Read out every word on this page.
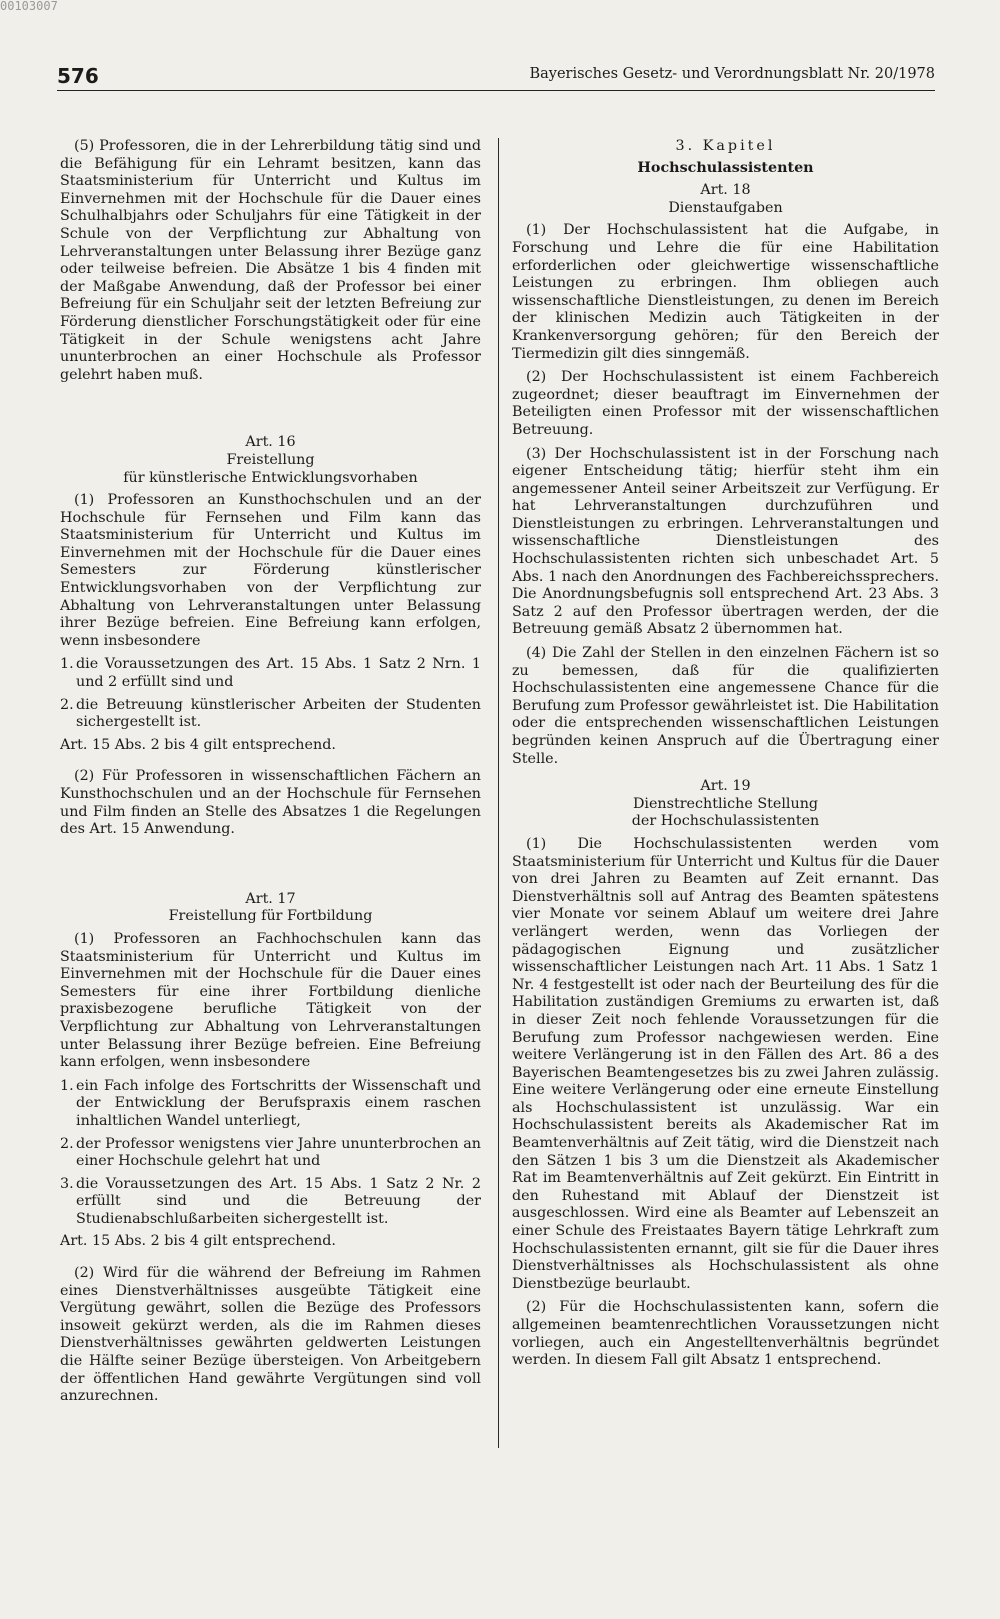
00103007
576	Bayerisches Gesetz- und Verordnungsblatt Nr. 20/1978

(5) Professoren, die in der Lehrerbildung tätig sind und die Befähigung für ein Lehramt besitzen, kann das Staatsministerium für Unterricht und Kultus im Einvernehmen mit der Hochschule für die Dauer eines Schulhalbjahrs oder Schuljahrs für eine Tätigkeit in der Schule von der Verpflichtung zur Abhaltung von Lehrveranstaltungen unter Belassung ihrer Bezüge ganz oder teilweise befreien. Die Absätze 1 bis 4 finden mit der Maßgabe Anwendung, daß der Professor bei einer Befreiung für ein Schuljahr seit der letzten Befreiung zur Förderung dienstlicher Forschungstätigkeit oder für eine Tätigkeit in der Schule wenigstens acht Jahre ununterbrochen an einer Hochschule als Professor gelehrt haben muß.

Art. 16

Freistellung

für künstlerische Entwicklungsvorhaben

(1) Professoren an Kunsthochschulen und an der Hochschule für Fernsehen und Film kann das Staatsministerium für Unterricht und Kultus im Einvernehmen mit der Hochschule für die Dauer eines Semesters zur Förderung künstlerischer Entwicklungsvorhaben von der Verpflichtung zur Abhaltung von Lehrveranstaltungen unter Belassung ihrer Bezüge befreien. Eine Befreiung kann erfolgen, wenn insbesondere

1. die Voraussetzungen des Art. 15 Abs. 1 Satz 2 Nrn. 1 und 2 erfüllt sind und
2. die Betreuung künstlerischer Arbeiten der Studenten sichergestellt ist.

Art. 15 Abs. 2 bis 4 gilt entsprechend.

(2) Für Professoren in wissenschaftlichen Fächern an Kunsthochschulen und an der Hochschule für Fernsehen und Film finden an Stelle des Absatzes 1 die Regelungen des Art. 15 Anwendung.

Art. 17

Freistellung für Fortbildung

(1) Professoren an Fachhochschulen kann das Staatsministerium für Unterricht und Kultus im Einvernehmen mit der Hochschule für die Dauer eines Semesters für eine ihrer Fortbildung dienliche praxisbezogene berufliche Tätigkeit von der Verpflichtung zur Abhaltung von Lehrveranstaltungen unter Belassung ihrer Bezüge befreien. Eine Befreiung kann erfolgen, wenn insbesondere

1. ein Fach infolge des Fortschritts der Wissenschaft und der Entwicklung der Berufspraxis einem raschen inhaltlichen Wandel unterliegt,
2. der Professor wenigstens vier Jahre ununterbrochen an einer Hochschule gelehrt hat und
3. die Voraussetzungen des Art. 15 Abs. 1 Satz 2 Nr. 2 erfüllt sind und die Betreuung der Studienabschlußarbeiten sichergestellt ist.

Art. 15 Abs. 2 bis 4 gilt entsprechend.

(2) Wird für die während der Befreiung im Rahmen eines Dienstverhältnisses ausgeübte Tätigkeit eine Vergütung gewährt, sollen die Bezüge des Professors insoweit gekürzt werden, als die im Rahmen dieses Dienstverhältnisses gewährten geldwerten Leistungen die Hälfte seiner Bezüge übersteigen. Von Arbeitgebern der öffentlichen Hand gewährte Vergütungen sind voll anzurechnen.

3. Kapitel

Hochschulassistenten

Art. 18

Dienstaufgaben

(1) Der Hochschulassistent hat die Aufgabe, in Forschung und Lehre die für eine Habilitation erforderlichen oder gleichwertige wissenschaftliche Leistungen zu erbringen. Ihm obliegen auch wissenschaftliche Dienstleistungen, zu denen im Bereich der klinischen Medizin auch Tätigkeiten in der Krankenversorgung gehören; für den Bereich der Tiermedizin gilt dies sinngemäß.

(2) Der Hochschulassistent ist einem Fachbereich zugeordnet; dieser beauftragt im Einvernehmen der Beteiligten einen Professor mit der wissenschaftlichen Betreuung.

(3) Der Hochschulassistent ist in der Forschung nach eigener Entscheidung tätig; hierfür steht ihm ein angemessener Anteil seiner Arbeitszeit zur Verfügung. Er hat Lehrveranstaltungen durchzuführen und Dienstleistungen zu erbringen. Lehrveranstaltungen und wissenschaftliche Dienstleistungen des Hochschulassistenten richten sich unbeschadet Art. 5 Abs. 1 nach den Anordnungen des Fachbereichssprechers. Die Anordnungsbefugnis soll entsprechend Art. 23 Abs. 3 Satz 2 auf den Professor übertragen werden, der die Betreuung gemäß Absatz 2 übernommen hat.

(4) Die Zahl der Stellen in den einzelnen Fächern ist so zu bemessen, daß für die qualifizierten Hochschulassistenten eine angemessene Chance für die Berufung zum Professor gewährleistet ist. Die Habilitation oder die entsprechenden wissenschaftlichen Leistungen begründen keinen Anspruch auf die Übertragung einer Stelle.

Art. 19

Dienstrechtliche Stellung

der Hochschulassistenten

(1) Die Hochschulassistenten werden vom Staatsministerium für Unterricht und Kultus für die Dauer von drei Jahren zu Beamten auf Zeit ernannt. Das Dienstverhältnis soll auf Antrag des Beamten spätestens vier Monate vor seinem Ablauf um weitere drei Jahre verlängert werden, wenn das Vorliegen der pädagogischen Eignung und zusätzlicher wissenschaftlicher Leistungen nach Art. 11 Abs. 1 Satz 1 Nr. 4 festgestellt ist oder nach der Beurteilung des für die Habilitation zuständigen Gremiums zu erwarten ist, daß in dieser Zeit noch fehlende Voraussetzungen für die Berufung zum Professor nachgewiesen werden. Eine weitere Verlängerung ist in den Fällen des Art. 86 a des Bayerischen Beamtengesetzes bis zu zwei Jahren zulässig. Eine weitere Verlängerung oder eine erneute Einstellung als Hochschulassistent ist unzulässig. War ein Hochschulassistent bereits als Akademischer Rat im Beamtenverhältnis auf Zeit tätig, wird die Dienstzeit nach den Sätzen 1 bis 3 um die Dienstzeit als Akademischer Rat im Beamtenverhältnis auf Zeit gekürzt. Ein Eintritt in den Ruhestand mit Ablauf der Dienstzeit ist ausgeschlossen. Wird eine als Beamter auf Lebenszeit an einer Schule des Freistaates Bayern tätige Lehrkraft zum Hochschulassistenten ernannt, gilt sie für die Dauer ihres Dienstverhältnisses als Hochschulassistent als ohne Dienstbezüge beurlaubt.

(2) Für die Hochschulassistenten kann, sofern die allgemeinen beamtenrechtlichen Voraussetzungen nicht vorliegen, auch ein Angestelltenverhältnis begründet werden. In diesem Fall gilt Absatz 1 entsprechend.
